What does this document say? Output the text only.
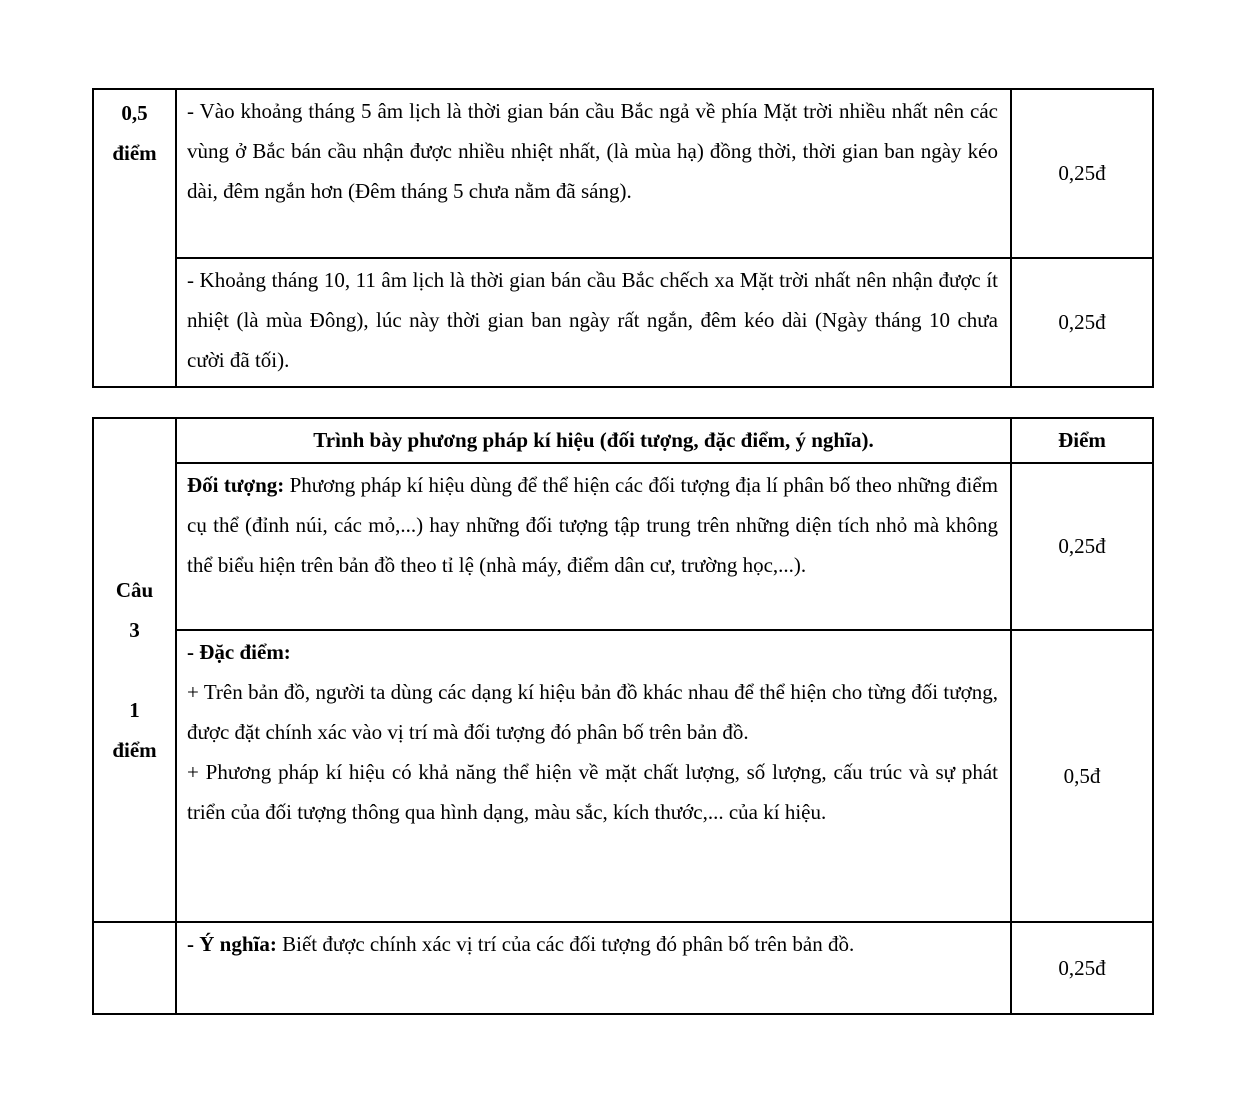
0,5
điểm	- Vào khoảng tháng 5 âm lịch là thời gian bán cầu Bắc ngả về phía Mặt trời nhiều nhất nên các vùng ở Bắc bán cầu nhận được nhiều nhiệt nhất, (là mùa hạ) đồng thời, thời gian ban ngày kéo dài, đêm ngắn hơn (Đêm tháng 5 chưa nằm đã sáng).	0,25đ

	- Khoảng tháng 10, 11 âm lịch là thời gian bán cầu Bắc chếch xa Mặt trời nhất nên nhận được ít nhiệt (là mùa Đông), lúc này thời gian ban ngày rất ngắn, đêm kéo dài (Ngày tháng 10 chưa cười đã tối).	0,25đ
Câu
3
1
điểm	Trình bày phương pháp kí hiệu (đối tượng, đặc điểm, ý nghĩa).	Điểm

	Đối tượng: Phương pháp kí hiệu dùng để thể hiện các đối tượng địa lí phân bố theo những điểm cụ thể (đỉnh núi, các mỏ,...) hay những đối tượng tập trung trên những diện tích nhỏ mà không thể biểu hiện trên bản đồ theo tỉ lệ (nhà máy, điểm dân cư, trường học,...).	0,25đ

	- Đặc điểm:

+ Trên bản đồ, người ta dùng các dạng kí hiệu bản đồ khác nhau để thể hiện cho từng đối tượng, được đặt chính xác vào vị trí mà đối tượng đó phân bố trên bản đồ.

+ Phương pháp kí hiệu có khả năng thể hiện về mặt chất lượng, số lượng, cấu trúc và sự phát triển của đối tượng thông qua hình dạng, màu sắc, kích thước,... của kí hiệu.	0,5đ

	- Ý nghĩa: Biết được chính xác vị trí của các đối tượng đó phân bố trên bản đồ.	0,25đ
